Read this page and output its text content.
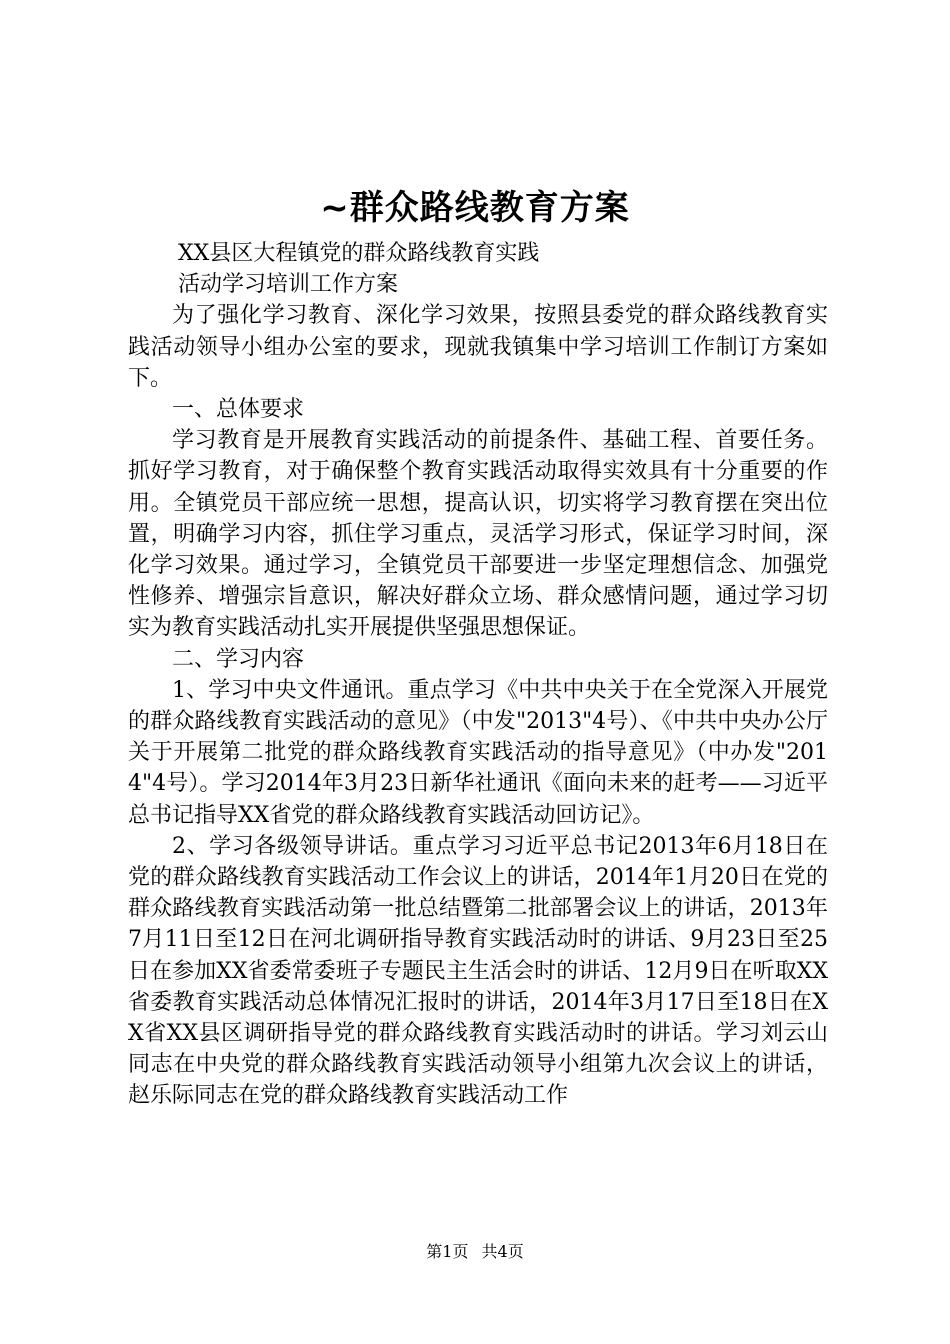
~群众路线教育方案

XX县区大程镇党的群众路线教育实践

活动学习培训工作方案

为了强化学习教育、深化学习效果，按照县委党的群众路线教育实践活动领导小组办公室的要求，现就我镇集中学习培训工作制订方案如下。

一、总体要求

学习教育是开展教育实践活动的前提条件、基础工程、首要任务。抓好学习教育，对于确保整个教育实践活动取得实效具有十分重要的作用。全镇党员干部应统一思想，提高认识，切实将学习教育摆在突出位置，明确学习内容，抓住学习重点，灵活学习形式，保证学习时间，深化学习效果。通过学习，全镇党员干部要进一步坚定理想信念、加强党性修养、增强宗旨意识，解决好群众立场、群众感情问题，通过学习切实为教育实践活动扎实开展提供坚强思想保证。

二、学习内容

1、学习中央文件通讯。重点学习《中共中央关于在全党深入开展党的群众路线教育实践活动的意见》（中发"2013"4号）、《中共中央办公厅关于开展第二批党的群众路线教育实践活动的指导意见》（中办发"2014"4号）。学习2014年3月23日新华社通讯《面向未来的赶考——习近平总书记指导XX省党的群众路线教育实践活动回访记》。

2、学习各级领导讲话。重点学习习近平总书记2013年6月18日在党的群众路线教育实践活动工作会议上的讲话，2014年1月20日在党的群众路线教育实践活动第一批总结暨第二批部署会议上的讲话，2013年7月11日至12日在河北调研指导教育实践活动时的讲话、9月23日至25日在参加XX省委常委班子专题民主生活会时的讲话、12月9日在听取XX省委教育实践活动总体情况汇报时的讲话，2014年3月17日至18日在XX省XX县区调研指导党的群众路线教育实践活动时的讲话。学习刘云山同志在中央党的群众路线教育实践活动领导小组第九次会议上的讲话，赵乐际同志在党的群众路线教育实践活动工作

第1页 共4页
